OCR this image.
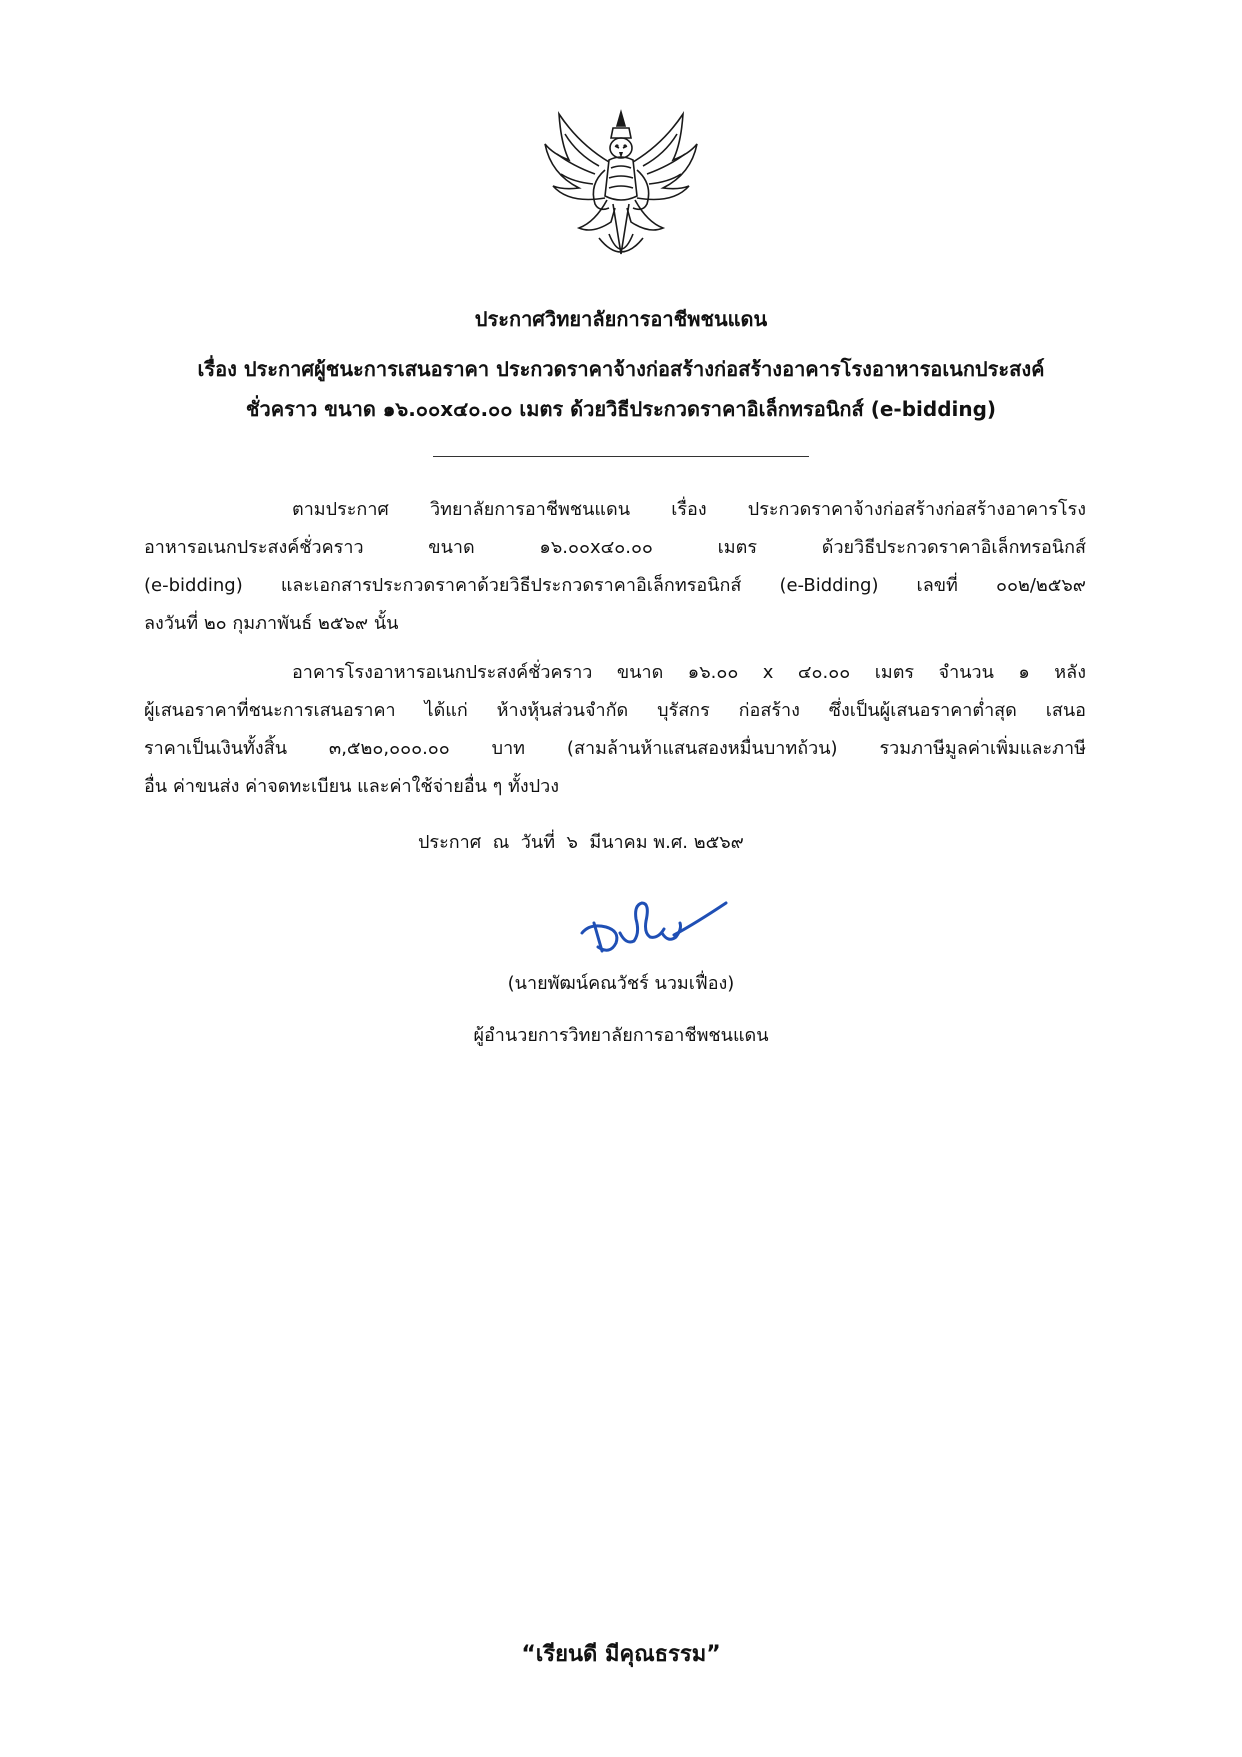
ประกาศวิทยาลัยการอาชีพชนแดน
เรื่อง ประกาศผู้ชนะการเสนอราคา ประกวดราคาจ้างก่อสร้างก่อสร้างอาคารโรงอาหารอเนกประสงค์
ชั่วคราว ขนาด ๑๖.๐๐x๔๐.๐๐ เมตร ด้วยวิธีประกวดราคาอิเล็กทรอนิกส์ (e-bidding)
ตามประกาศ วิทยาลัยการอาชีพชนแดน เรื่อง ประกวดราคาจ้างก่อสร้างก่อสร้างอาคารโรง
อาหารอเนกประสงค์ชั่วคราว ขนาด ๑๖.๐๐x๔๐.๐๐ เมตร ด้วยวิธีประกวดราคาอิเล็กทรอนิกส์
(e-bidding) และเอกสารประกวดราคาด้วยวิธีประกวดราคาอิเล็กทรอนิกส์ (e-Bidding) เลขที่ ๐๐๒/๒๕๖๙
ลงวันที่ ๒๐ กุมภาพันธ์ ๒๕๖๙ นั้น
อาคารโรงอาหารอเนกประสงค์ชั่วคราว ขนาด ๑๖.๐๐ x ๔๐.๐๐ เมตร จำนวน ๑ หลัง
ผู้เสนอราคาที่ชนะการเสนอราคา ได้แก่ ห้างหุ้นส่วนจำกัด บุรัสกร ก่อสร้าง ซึ่งเป็นผู้เสนอราคาต่ำสุด เสนอ
ราคาเป็นเงินทั้งสิ้น ๓,๕๒๐,๐๐๐.๐๐ บาท (สามล้านห้าแสนสองหมื่นบาทถ้วน) รวมภาษีมูลค่าเพิ่มและภาษี
อื่น ค่าขนส่ง ค่าจดทะเบียน และค่าใช้จ่ายอื่น ๆ ทั้งปวง
ประกาศ  ณ  วันที่  ๖  มีนาคม พ.ศ. ๒๕๖๙
(นายพัฒน์คณวัชร์ นวมเฟื่อง)
ผู้อำนวยการวิทยาลัยการอาชีพชนแดน
“เรียนดี มีคุณธรรม”
